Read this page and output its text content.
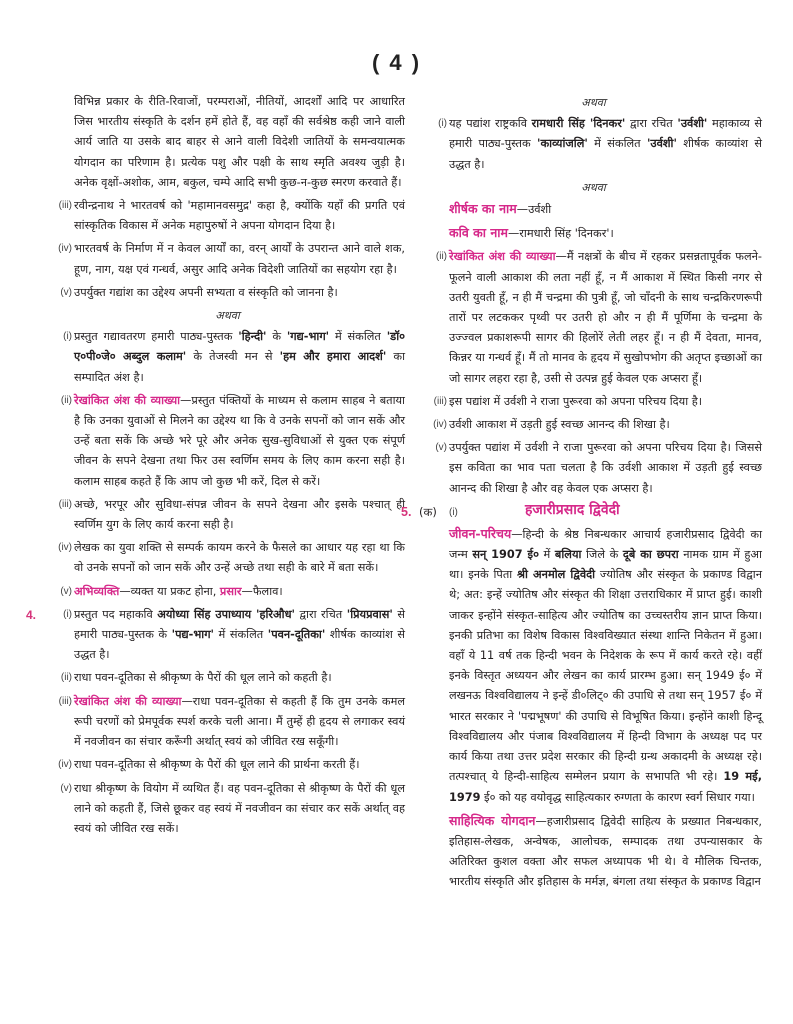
( 4 )
विभिन्न प्रकार के रीति-रिवाजों, परम्पराओं, नीतियों, आदर्शों आदि पर आधारित जिस भारतीय संस्कृति के दर्शन हमें होते हैं, वह वहाँ की सर्वश्रेष्ठ कही जाने वाली आर्य जाति या उसके बाद बाहर से आने वाली विदेशी जातियों के समन्वयात्मक योगदान का परिणाम है। प्रत्येक पशु और पक्षी के साथ स्मृति अवश्य जुड़ी है। अनेक वृक्षों-अशोक, आम, बकुल, चम्पे आदि सभी कुछ-न-कुछ स्मरण करवाते हैं।
(iii) रवीन्द्रनाथ ने भारतवर्ष को 'महामानवसमुद्र' कहा है, क्योंकि यहाँ की प्रगति एवं सांस्कृतिक विकास में अनेक महापुरुषों ने अपना योगदान दिया है।
(iv) भारतवर्ष के निर्माण में न केवल आर्यों का, वरन् आर्यों के उपरान्त आने वाले शक, हूण, नाग, यक्ष एवं गन्धर्व, असुर आदि अनेक विदेशी जातियों का सहयोग रहा है।
(v) उपर्युक्त गद्यांश का उद्देश्य अपनी सभ्यता व संस्कृति को जानना है।
अथवा
(i) प्रस्तुत गद्यावतरण हमारी पाठ्य-पुस्तक 'हिन्दी' के 'गद्य-भाग' में संकलित 'डॉ० ए०पी०जे० अब्दुल कलाम' के तेजस्वी मन से 'हम और हमारा आदर्श' का सम्पादित अंश है।
(ii) रेखांकित अंश की व्याख्या—प्रस्तुत पंक्तियों के माध्यम से कलाम साहब ने बताया है कि उनका युवाओं से मिलने का उद्देश्य था कि वे उनके सपनों को जान सकें और उन्हें बता सकें कि अच्छे भरे पूरे और अनेक सुख-सुविधाओं से युक्त एक संपूर्ण जीवन के सपने देखना तथा फिर उस स्वर्णिम समय के लिए काम करना सही है। कलाम साहब कहते हैं कि आप जो कुछ भी करें, दिल से करें।
(iii) अच्छे, भरपूर और सुविधा-संपन्न जीवन के सपने देखना और इसके पश्चात् ही स्वर्णिम युग के लिए कार्य करना सही है।
(iv) लेखक का युवा शक्ति से सम्पर्क कायम करने के फैसले का आधार यह रहा था कि वो उनके सपनों को जान सकें और उन्हें अच्छे तथा सही के बारे में बता सकें।
(v) अभिव्यक्ति—व्यक्त या प्रकट होना, प्रसार—फैलाव।
4.	(i) प्रस्तुत पद महाकवि अयोध्या सिंह उपाध्याय 'हरिऔध' द्वारा रचित 'प्रियप्रवास' से हमारी पाठ्य-पुस्तक के 'पद्य-भाग' में संकलित 'पवन-दूतिका' शीर्षक काव्यांश से उद्धत है।
(ii) राधा पवन-दूतिका से श्रीकृष्ण के पैरों की धूल लाने को कहती है।
(iii) रेखांकित अंश की व्याख्या—राधा पवन-दूतिका से कहती हैं कि तुम उनके कमल रूपी चरणों को प्रेमपूर्वक स्पर्श करके चली आना। मैं तुम्हें ही हृदय से लगाकर स्वयं में नवजीवन का संचार करूँगी अर्थात् स्वयं को जीवित रख सकूँगी।
(iv) राधा पवन-दूतिका से श्रीकृष्ण के पैरों की धूल लाने की प्रार्थना करती हैं।
(v) राधा श्रीकृष्ण के वियोग में व्यथित हैं। वह पवन-दूतिका से श्रीकृष्ण के पैरों की धूल लाने को कहती हैं, जिसे छूकर वह स्वयं में नवजीवन का संचार कर सकें अर्थात् वह स्वयं को जीवित रख सकें।
अथवा
(i) यह पद्यांश राष्ट्रकवि रामधारी सिंह 'दिनकर' द्वारा रचित 'उर्वशी' महाकाव्य से हमारी पाठ्य-पुस्तक 'काव्यांजलि' में संकलित 'उर्वशी' शीर्षक काव्यांश से उद्धत है।
अथवा
शीर्षक का नाम—उर्वशी
कवि का नाम—रामधारी सिंह 'दिनकर'।
(ii) रेखांकित अंश की व्याख्या—मैं नक्षत्रों के बीच में रहकर प्रसन्नतापूर्वक फलने-फूलने वाली आकाश की लता नहीं हूँ, न मैं आकाश में स्थित किसी नगर से उतरी युवती हूँ, न ही मैं चन्द्रमा की पुत्री हूँ, जो चाँदनी के साथ चन्द्रकिरणरूपी तारों पर लटककर पृथ्वी पर उतरी हो और न ही मैं पूर्णिमा के चन्द्रमा के उज्ज्वल प्रकाशरूपी सागर की हिलोरें लेती लहर हूँ। न ही मैं देवता, मानव, किन्नर या गन्धर्व हूँ। मैं तो मानव के हृदय में सुखोपभोग की अतृप्त इच्छाओं का जो सागर लहरा रहा है, उसी से उत्पन्न हुई केवल एक अप्सरा हूँ।
(iii) इस पद्यांश में उर्वशी ने राजा पुरूरवा को अपना परिचय दिया है।
(iv) उर्वशी आकाश में उड़ती हुई स्वच्छ आनन्द की शिखा है।
(v) उपर्युक्त पद्यांश में उर्वशी ने राजा पुरूरवा को अपना परिचय दिया है। जिससे इस कविता का भाव पता चलता है कि उर्वशी आकाश में उड़ती हुई स्वच्छ आनन्द की शिखा है और वह केवल एक अप्सरा है।
5. (क) (i)	हजारीप्रसाद द्विवेदी
जीवन-परिचय—हिन्दी के श्रेष्ठ निबन्धकार आचार्य हजारीप्रसाद द्विवेदी का जन्म सन् 1907 ई० में बलिया जिले के दूबे का छपरा नामक ग्राम में हुआ था। इनके पिता श्री अनमोल द्विवेदी ज्योतिष और संस्कृत के प्रकाण्ड विद्वान थे; अत: इन्हें ज्योतिष और संस्कृत की शिक्षा उत्तराधिकार में प्राप्त हुई। काशी जाकर इन्होंने संस्कृत-साहित्य और ज्योतिष का उच्चस्तरीय ज्ञान प्राप्त किया। इनकी प्रतिभा का विशेष विकास विश्वविख्यात संस्था शान्ति निकेतन में हुआ। वहाँ ये 11 वर्ष तक हिन्दी भवन के निदेशक के रूप में कार्य करते रहे। वहीं इनके विस्तृत अध्ययन और लेखन का कार्य प्रारम्भ हुआ। सन् 1949 ई० में लखनऊ विश्वविद्यालय ने इन्हें डी०लिट्० की उपाधि से तथा सन् 1957 ई० में भारत सरकार ने 'पद्मभूषण' की उपाधि से विभूषित किया। इन्होंने काशी हिन्दू विश्वविद्यालय और पंजाब विश्वविद्यालय में हिन्दी विभाग के अध्यक्ष पद पर कार्य किया तथा उत्तर प्रदेश सरकार की हिन्दी ग्रन्थ अकादमी के अध्यक्ष रहे। तत्पश्चात् ये हिन्दी-साहित्य सम्मेलन प्रयाग के सभापति भी रहे। 19 मई, 1979 ई० को यह वयोवृद्ध साहित्यकार रुग्णता के कारण स्वर्ग सिधार गया।
साहित्यिक योगदान—हजारीप्रसाद द्विवेदी साहित्य के प्रख्यात निबन्धकार, इतिहास-लेखक, अन्वेषक, आलोचक, सम्पादक तथा उपन्यासकार के अतिरिक्त कुशल वक्ता और सफल अध्यापक भी थे। वे मौलिक चिन्तक, भारतीय संस्कृति और इतिहास के मर्मज्ञ, बंगला तथा संस्कृत के प्रकाण्ड विद्वान
